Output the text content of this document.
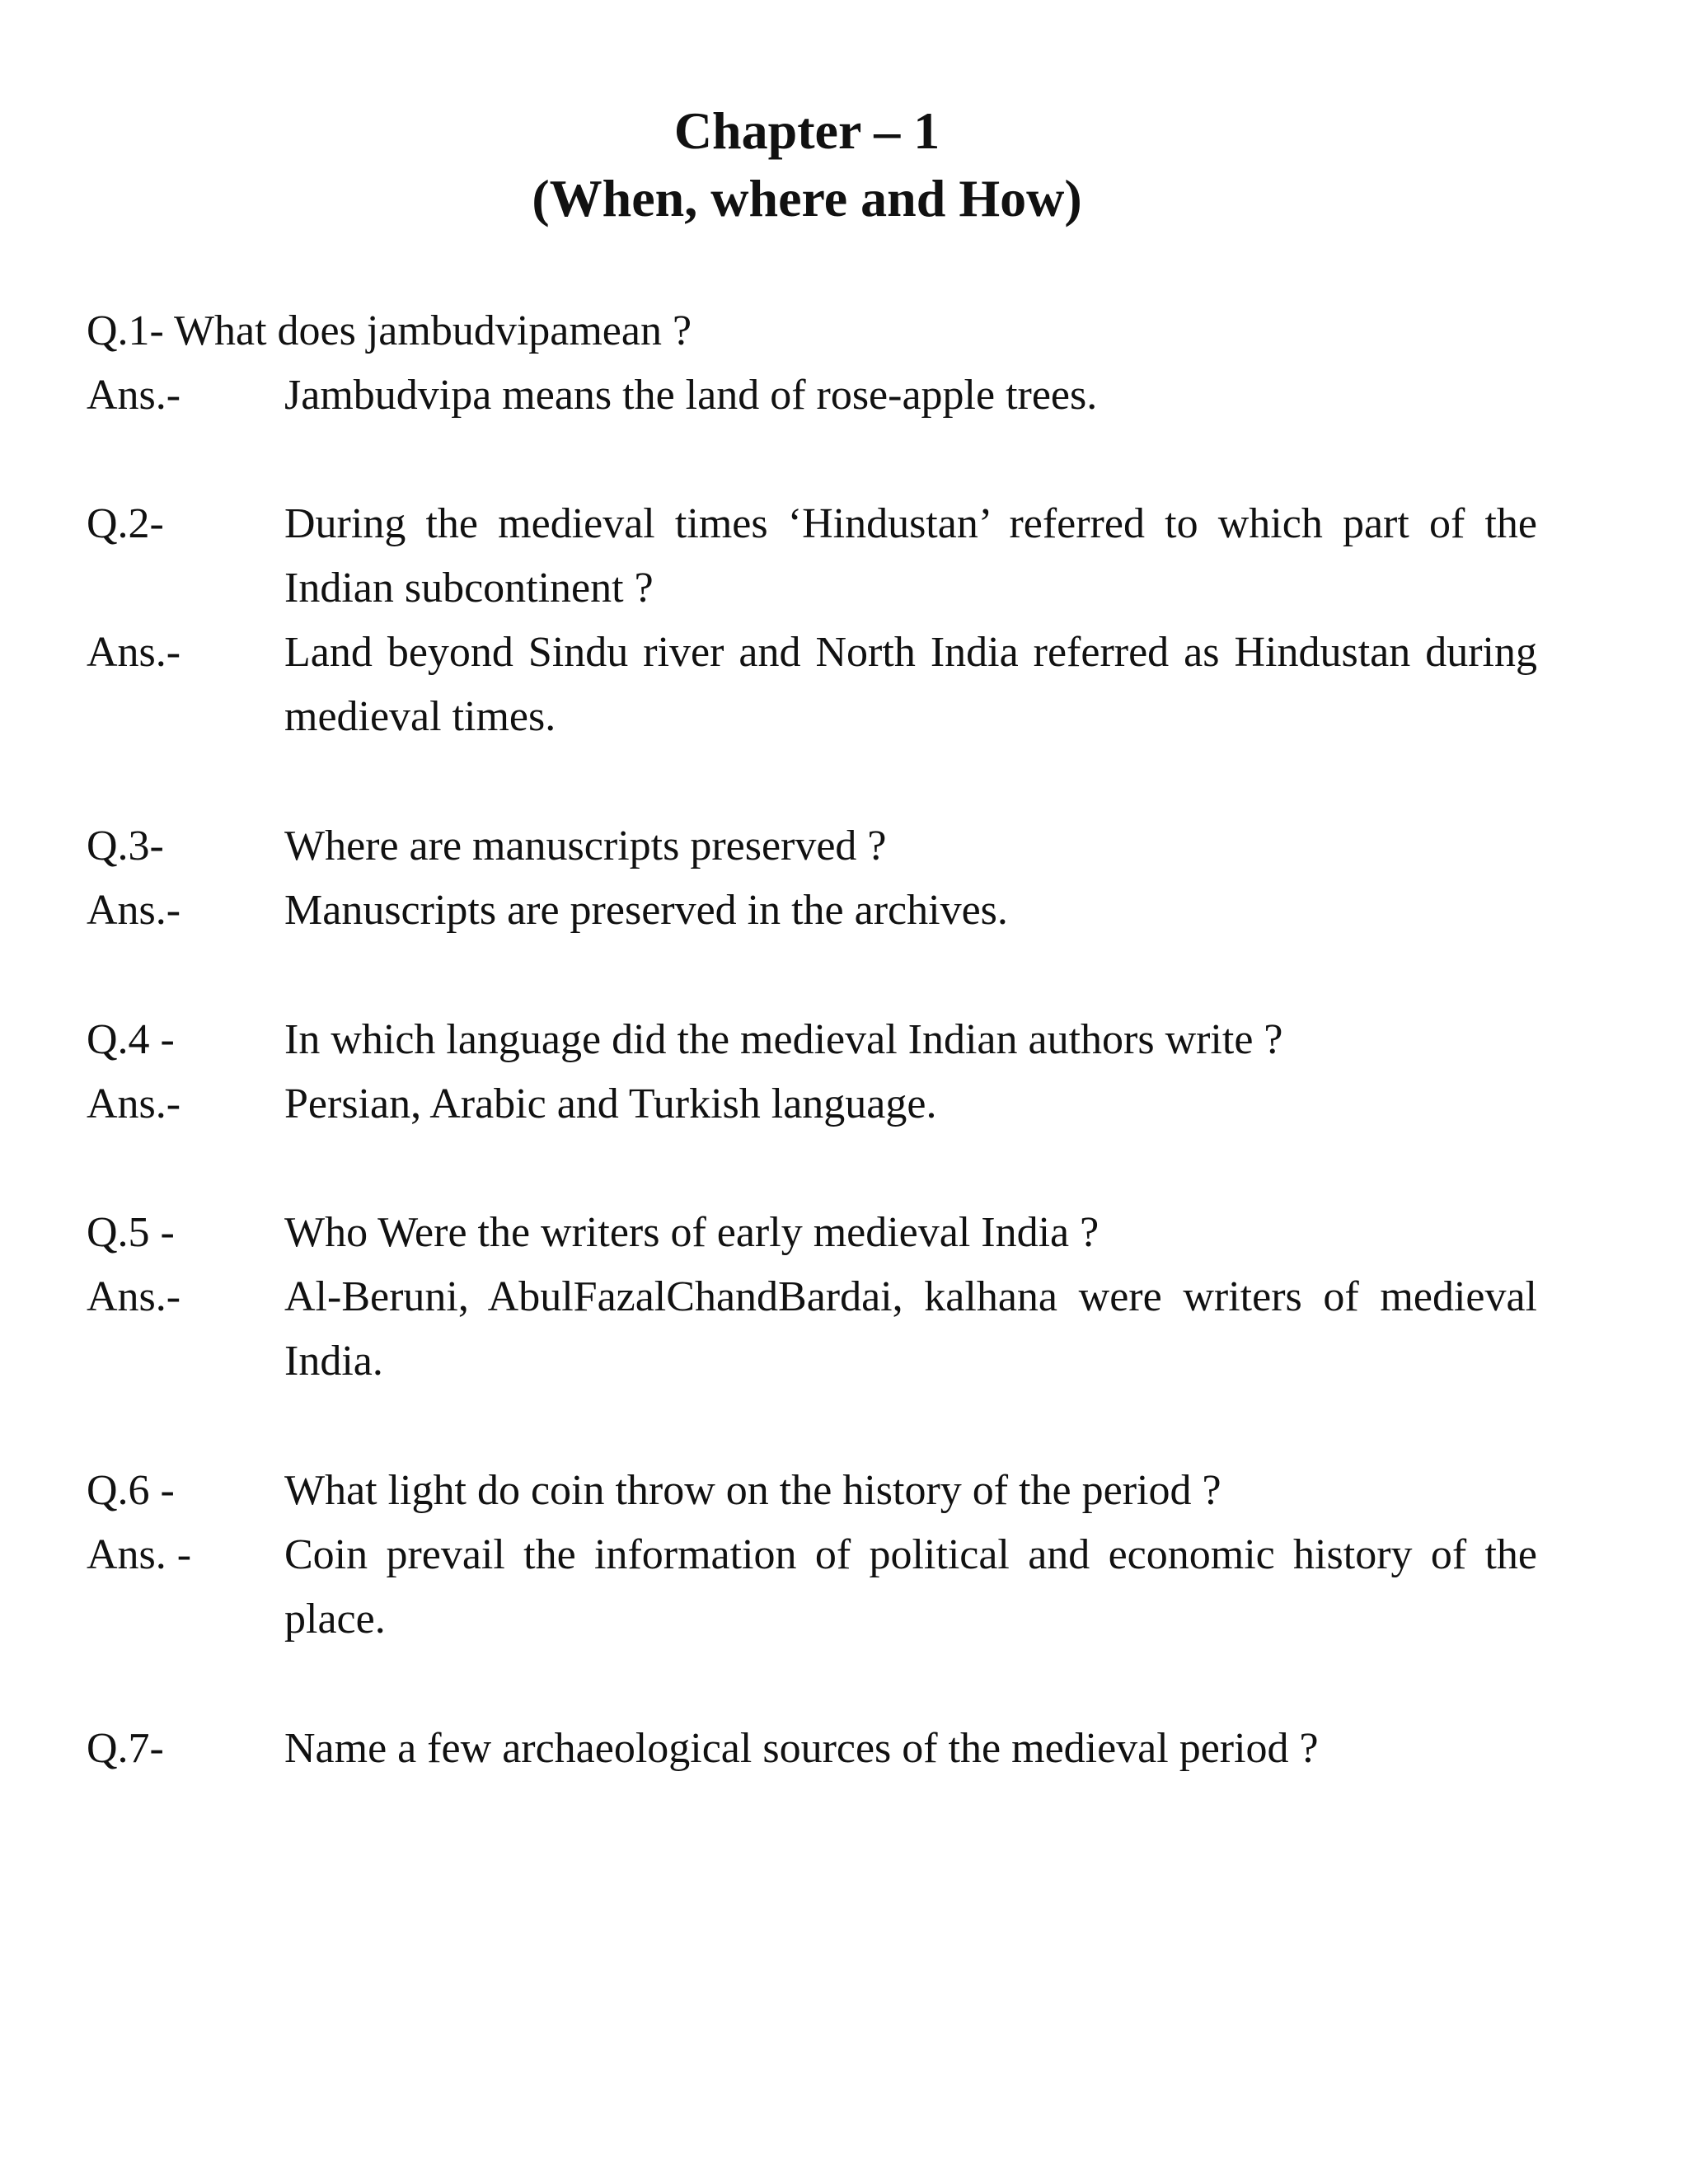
Chapter – 1
(When, where and How)
Q.1- What does jambudvipamean ?
Ans.-	Jambudvipa means the land of rose-apple trees.
Q.2-	During the medieval times ‘Hindustan’ referred to which part of the Indian subcontinent ?
Ans.-	Land beyond Sindu river and North India referred as Hindustan during medieval times.
Q.3-	Where are manuscripts preserved ?
Ans.-	Manuscripts are preserved in the archives.
Q.4 -	In which language did the medieval Indian authors write ?
Ans.-	Persian, Arabic and Turkish language.
Q.5 -	Who Were the writers of early medieval India ?
Ans.-	Al-Beruni, AbulFazalChandBardai, kalhana were writers of medieval India.
Q.6 -	What light do coin throw on the history of the period ?
Ans. -	Coin prevail the information of political and economic history of the place.
Q.7-	Name a few archaeological sources of the medieval period ?
